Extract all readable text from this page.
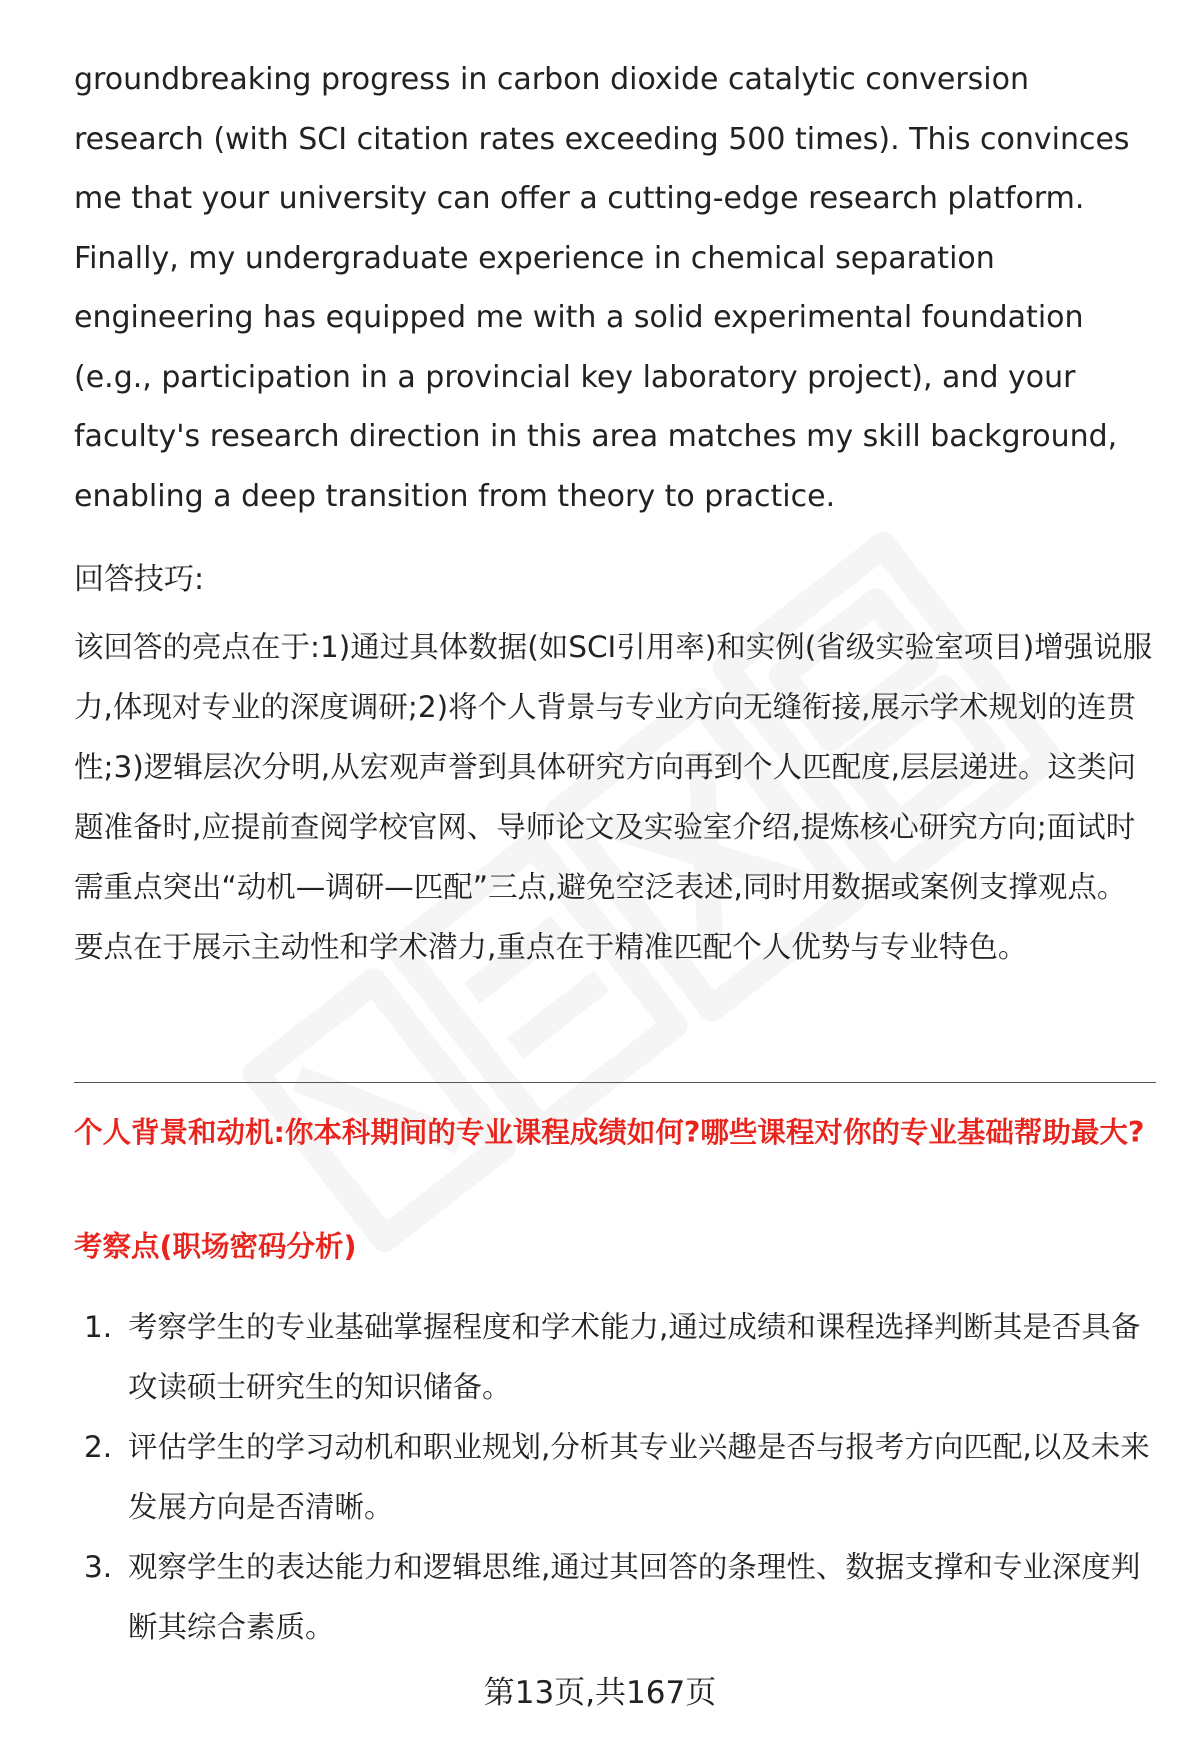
groundbreaking progress in carbon dioxide catalytic conversion research (with SCI citation rates exceeding 500 times). This convinces me that your university can offer a cutting-edge research platform. Finally, my undergraduate experience in chemical separation engineering has equipped me with a solid experimental foundation (e.g., participation in a provincial key laboratory project), and your faculty's research direction in this area matches my skill background, enabling a deep transition from theory to practice.

回答技巧:

该回答的亮点在于:1)通过具体数据(如SCI引用率)和实例(省级实验室项目)增强说服力,体现对专业的深度调研;2)将个人背景与专业方向无缝衔接,展示学术规划的连贯性;3)逻辑层次分明,从宏观声誉到具体研究方向再到个人匹配度,层层递进。这类问题准备时,应提前查阅学校官网、导师论文及实验室介绍,提炼核心研究方向;面试时需重点突出“动机—调研—匹配”三点,避免空泛表述,同时用数据或案例支撑观点。要点在于展示主动性和学术潜力,重点在于精准匹配个人优势与专业特色。

个人背景和动机:你本科期间的专业课程成绩如何?哪些课程对你的专业基础帮助最大?
考察点(职场密码分析)
1. 考察学生的专业基础掌握程度和学术能力,通过成绩和课程选择判断其是否具备攻读硕士研究生的知识储备。
2. 评估学生的学习动机和职业规划,分析其专业兴趣是否与报考方向匹配,以及未来发展方向是否清晰。
3. 观察学生的表达能力和逻辑思维,通过其回答的条理性、数据支撑和专业深度判断其综合素质。
第13页,共167页
